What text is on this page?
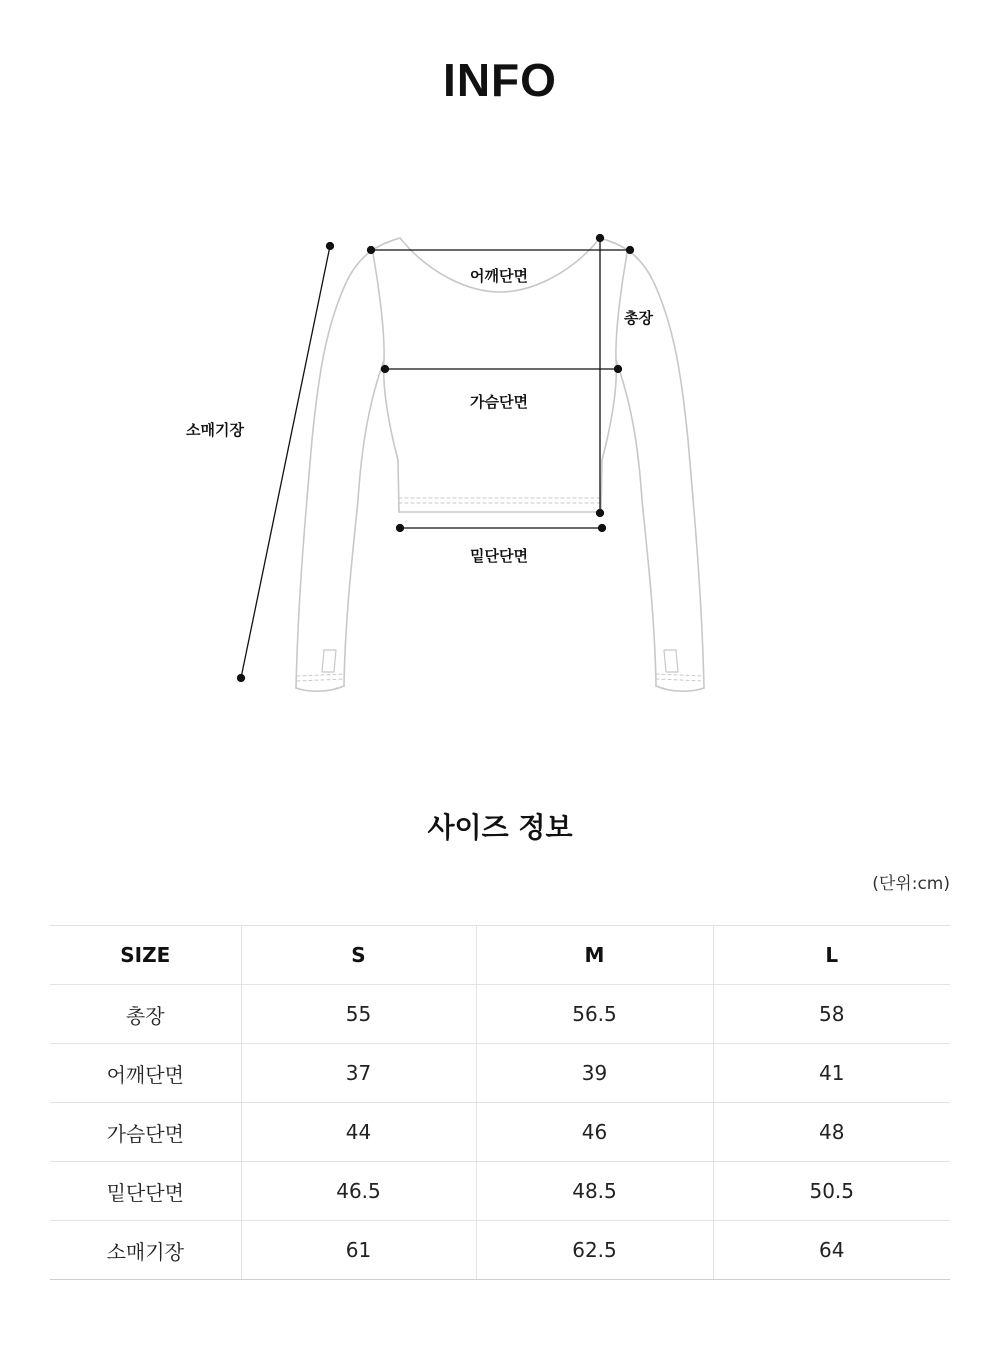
INFO
어깨단면
총장
가슴단면
소매기장
밑단단면
사이즈 정보
(단위:cm)
SIZE	S	M	L
총장	55	56.5	58
어깨단면	37	39	41
가슴단면	44	46	48
밑단단면	46.5	48.5	50.5
소매기장	61	62.5	64
